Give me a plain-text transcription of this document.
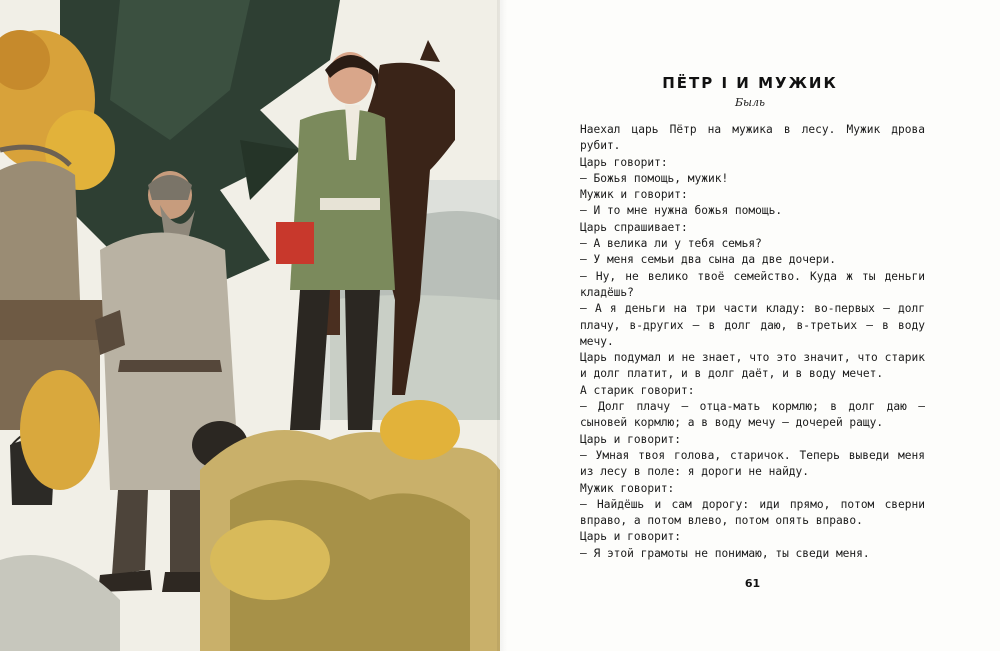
ПЁТР I И МУЖИК
Быль

Наехал царь Пётр на мужика в лесу. Мужик дрова рубит.

Царь говорит:

— Божья помощь, мужик!

Мужик и говорит:

— И то мне нужна божья помощь.

Царь спрашивает:

— А велика ли у тебя семья?

— У меня семьи два сына да две дочери.

— Ну, не велико твоё семейство. Куда ж ты деньги кладёшь?

— А я деньги на три части кладу: во-первых — долг плачу, в-других — в долг даю, в-третьих — в воду мечу.

Царь подумал и не знает, что это значит, что старик и долг платит, и в долг даёт, и в воду мечет.

А старик говорит:

— Долг плачу — отца-мать кормлю; в долг даю — сыновей кормлю; а в воду мечу — дочерей ращу.

Царь и говорит:

— Умная твоя голова, старичок. Теперь выведи меня из лесу в поле: я дороги не найду.

Мужик говорит:

— Найдёшь и сам дорогу: иди прямо, потом сверни вправо, а потом влево, потом опять вправо.

Царь и говорит:

— Я этой грамоты не понимаю, ты сведи меня.

61
